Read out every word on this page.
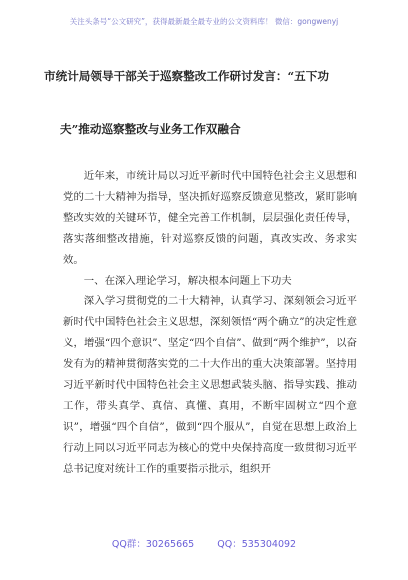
关注头条号“公文研究”，获得最新最全最专业的公文资料库！ 微信：gongwenyj
市统计局领导干部关于巡察整改工作研讨发言：“五下功
夫”推动巡察整改与业务工作双融合

近年来，市统计局以习近平新时代中国特色社会主义思想和党的二十大精神为指导，坚决抓好巡察反馈意见整改，紧盯影响整改实效的关键环节，健全完善工作机制，层层强化责任传导，落实落细整改措施，针对巡察反馈的问题，真改实改、务求实效。

一、在深入理论学习，解决根本问题上下功夫

深入学习贯彻党的二十大精神，认真学习、深刻领会习近平新时代中国特色社会主义思想，深刻领悟“两个确立”的决定性意义，增强“四个意识”、坚定“四个自信”、做到“两个维护”，以奋发有为的精神贯彻落实党的二十大作出的重大决策部署。坚持用习近平新时代中国特色社会主义思想武装头脑、指导实践、推动工作，带头真学、真信、真懂、真用，不断牢固树立“四个意识”，增强“四个自信”，做到“四个服从”，自觉在思想上政治上行动上同以习近平同志为核心的党中央保持高度一致贯彻习近平总书记度对统计工作的重要指示批示，组织开

QQ群：30265665 QQ：535304092
